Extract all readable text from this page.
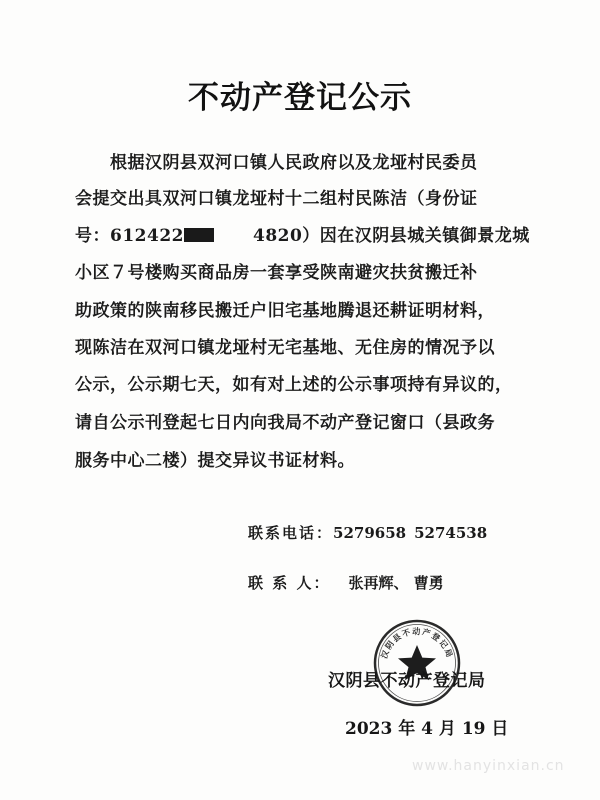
不动产登记公示
根据汉阴县双河口镇人民政府以及龙垭村民委员
会提交出具双河口镇龙垭村十二组村民陈洁（身份证
号：612422	4820）因在汉阴县城关镇御景龙城
小区７号楼购买商品房一套享受陕南避灾扶贫搬迁补
助政策的陕南移民搬迁户旧宅基地腾退还耕证明材料，
现陈洁在双河口镇龙垭村无宅基地、无住房的情况予以
公示，公示期七天，如有对上述的公示事项持有异议的，
请自公示刊登起七日内向我局不动产登记窗口（县政务
服务中心二楼）提交异议书证材料。
联系电话：5279658 5274538
联 系 人： 张再辉、 曹勇
汉阴县不动产登记局
汉阴县不动产登记局
2023 年 4 月 19 日
www.hanyinxian.cn
